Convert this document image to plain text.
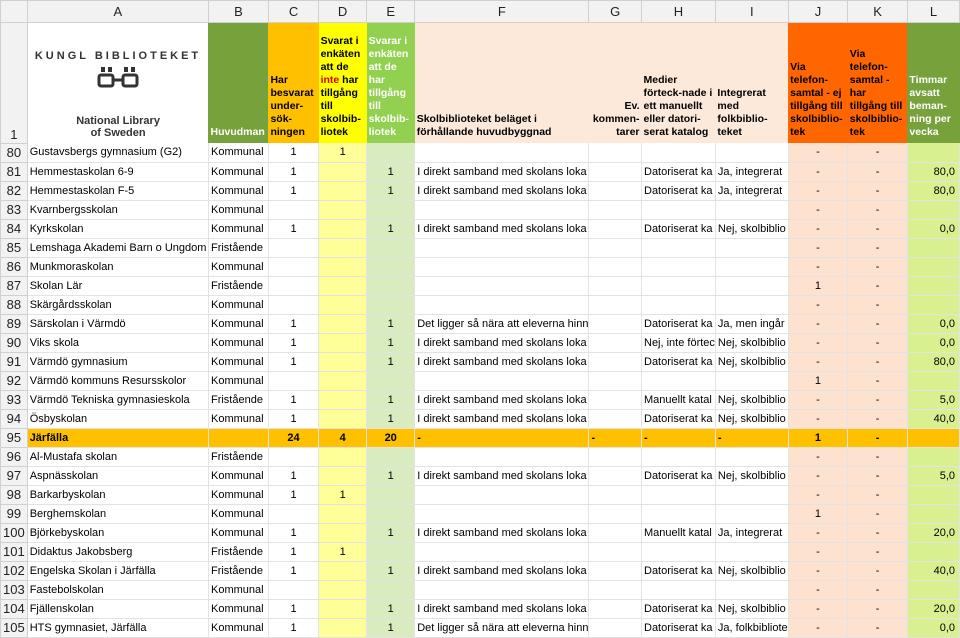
	A	B	C	D	E	F	G	H	I	J	K	L
1	KUNGL BIBLIOTEKET
National Library
of Sweden	Huvudman	Har besvarat under-sök-ningen	Svarat i enkäten att de inte har tillgång till skolbib-liotek	Svarar i enkäten att de har tillgång till skolbib-liotek	Skolbiblioteket beläget i förhållande huvudbyggnad	Ev. kommen-tarer	Medier förteck-nade i ett manuellt eller datori-serat katalog	Integrerat med folkbiblio-teket	Via telefon-samtal - ej tillgång till skolbiblio-tek	Via telefon-samtal - har tillgång till skolbiblio-tek	Timmar avsatt beman-ning per vecka
80	Gustavsbergs gymnasium (G2)	Kommunal	1	1						-	-	
81	Hemmestaskolan 6-9	Kommunal	1		1	I direkt samband med skolans loka		Datoriserat ka	Ja, integrerat	-	-	80,0
82	Hemmestaskolan F-5	Kommunal	1		1	I direkt samband med skolans loka		Datoriserat ka	Ja, integrerat	-	-	80,0
83	Kvarnbergsskolan	Kommunal								-	-	
84	Kyrkskolan	Kommunal	1		1	I direkt samband med skolans loka		Datoriserat ka	Nej, skolbiblio	-	-	0,0
85	Lemshaga Akademi Barn o Ungdom	Fristående								-	-	
86	Munkmoraskolan	Kommunal								-	-	
87	Skolan Lär	Fristående								1	-	
88	Skärgårdsskolan	Kommunal								-	-	
89	Särskolan i Värmdö	Kommunal	1		1	Det ligger så nära att eleverna hinn		Datoriserat ka	Ja, men ingår	-	-	0,0
90	Viks skola	Kommunal	1		1	I direkt samband med skolans loka		Nej, inte förtec	Nej, skolbiblio	-	-	0,0
91	Värmdö gymnasium	Kommunal	1		1	I direkt samband med skolans loka		Datoriserat ka	Nej, skolbiblio	-	-	80,0
92	Värmdö kommuns Resursskolor	Kommunal								1	-	
93	Värmdö Tekniska gymnasieskola	Fristående	1		1	I direkt samband med skolans loka		Manuellt katal	Nej, skolbiblio	-	-	5,0
94	Ösbyskolan	Kommunal	1		1	I direkt samband med skolans loka		Datoriserat ka	Nej, skolbiblio	-	-	40,0
95	Järfälla		24	4	20	-	-	-	-	1	-	
96	Al-Mustafa skolan	Fristående								-	-	
97	Aspnässkolan	Kommunal	1		1	I direkt samband med skolans loka		Datoriserat ka	Nej, skolbiblio	-	-	5,0
98	Barkarbyskolan	Kommunal	1	1						-	-	
99	Berghemskolan	Kommunal								1	-	
100	Björkebyskolan	Kommunal	1		1	I direkt samband med skolans loka		Manuellt katal	Ja, integrerat	-	-	20,0
101	Didaktus Jakobsberg	Fristående	1	1						-	-	
102	Engelska Skolan i Järfälla	Fristående	1		1	I direkt samband med skolans loka		Datoriserat ka	Nej, skolbiblio	-	-	40,0
103	Fastebolskolan	Kommunal								-	-	
104	Fjällenskolan	Kommunal	1		1	I direkt samband med skolans loka		Datoriserat ka	Nej, skolbiblio	-	-	20,0
105	HTS gymnasiet, Järfälla	Kommunal	1		1	Det ligger så nära att eleverna hinn		Datoriserat ka	Ja, folkbibliote	-	-	0,0
